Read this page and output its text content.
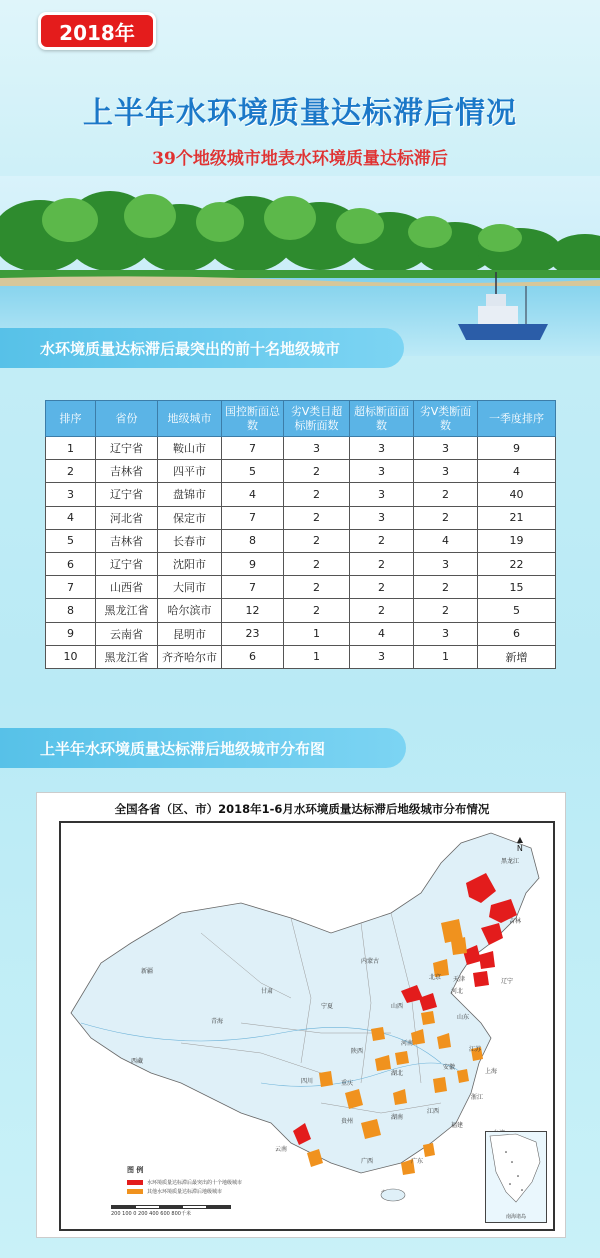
2018年
上半年水环境质量达标滞后情况
39个地级城市地表水环境质量达标滞后
水环境质量达标滞后最突出的前十名地级城市
排序	省份	地级城市	国控断面总数	劣Ⅴ类目超标断面数	超标断面面数	劣Ⅴ类断面数	一季度排序
1	辽宁省	鞍山市	7	3	3	3	9
2	吉林省	四平市	5	2	3	3	4
3	辽宁省	盘锦市	4	2	3	2	40
4	河北省	保定市	7	2	3	2	21
5	吉林省	长春市	8	2	2	4	19
6	辽宁省	沈阳市	9	2	2	3	22
7	山西省	大同市	7	2	2	2	15
8	黑龙江省	哈尔滨市	12	2	2	2	5
9	云南省	昆明市	23	1	4	3	6
10	黑龙江省	齐齐哈尔市	6	1	3	1	新增
上半年水环境质量达标滞后地级城市分布图
全国各省（区、市）2018年1-6月水环境质量达标滞后地级城市分布情况
新疆
西藏
青海
甘肃
宁夏
内蒙古
黑龙江
吉林
辽宁
河北
山西
陕西
四川
云南
广西	广东
湖南
湖北
河南
山东
江苏
上海
浙江
福建
贵州
重庆
江西
安徽
北京 天津
▲
N
图 例
水环境质量达标滞后最突出的十个地级城市
其他水环境质量达标滞后地级城市
200 100 0 200 400 600 800千米	南海诸岛
